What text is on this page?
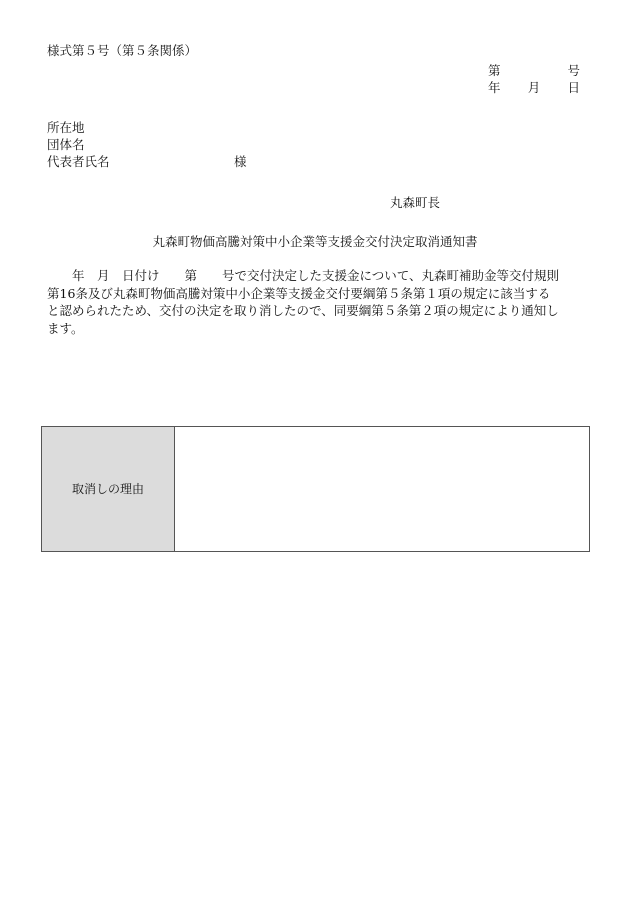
様式第５号（第５条関係）
第	号
年 月 日
所在地
団体名
代表者氏名	様
丸森町長
丸森町物価高騰対策中小企業等支援金交付決定取消通知書
　　年　月　日付け　　第　　号で交付決定した支援金について、丸森町補助金等交付規則
第16条及び丸森町物価高騰対策中小企業等支援金交付要綱第５条第１項の規定に該当する
と認められたため、交付の決定を取り消したので、同要綱第５条第２項の規定により通知し
ます。
取消しの理由
